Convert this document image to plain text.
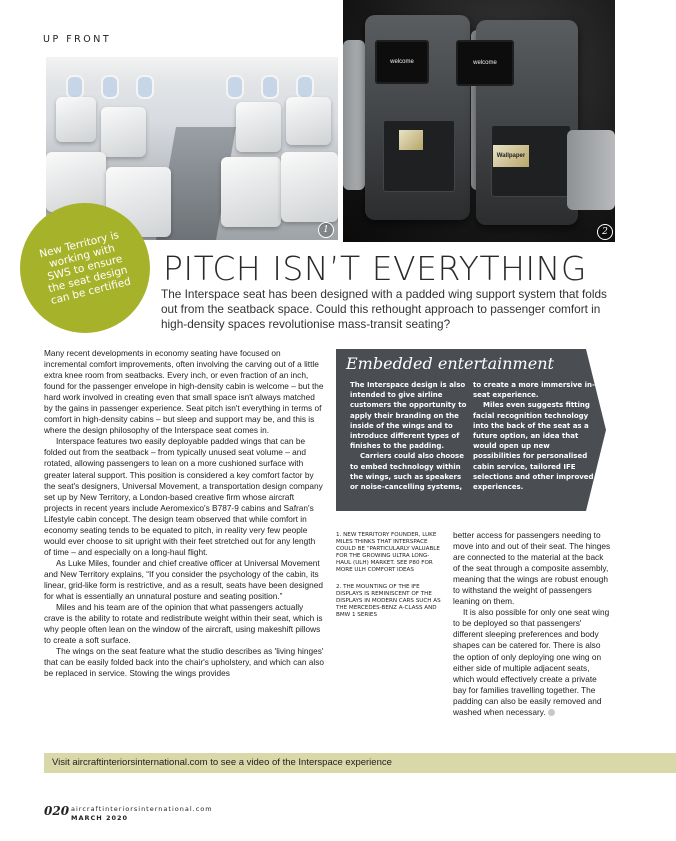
UP FRONT
1
welcome	welcome
Wallpaper
2
New Territory is working with SWS to ensure the seat design can be certified
PITCH ISN’T EVERYTHING
The Interspace seat has been designed with a padded wing support system that folds out from the seatback space. Could this rethought approach to passenger comfort in high-density spaces revolutionise mass-transit seating?

Many recent developments in economy seating have focused on incremental comfort improvements, often involving the carving out of a little extra knee room from seatbacks. Every inch, or even fraction of an inch, found for the passenger envelope in high-density cabin is welcome – but the hard work involved in creating even that small space isn't always matched by the gains in passenger experience. Seat pitch isn't everything in terms of comfort in high-density cabins – but sleep and support may be, and this is where the design philosophy of the Interspace seat comes in.

Interspace features two easily deployable padded wings that can be folded out from the seatback – from typically unused seat volume – and rotated, allowing passengers to lean on a more cushioned surface with greater lateral support. This position is considered a key comfort factor by the seat's designers, Universal Movement, a transportation design company set up by New Territory, a London-based creative firm whose aircraft projects in recent years include Aeromexico's B787-9 cabins and Safran's Lifestyle cabin concept. The design team observed that while comfort in economy seating tends to be equated to pitch, in reality very few people would ever choose to sit upright with their feet stretched out for any length of time – and especially on a long-haul flight.

As Luke Miles, founder and chief creative officer at Universal Movement and New Territory explains, “If you consider the psychology of the cabin, its linear, grid-like form is restrictive, and as a result, seats have been designed for what is essentially an unnatural posture and seating position.”

Miles and his team are of the opinion that what passengers actually crave is the ability to rotate and redistribute weight within their seat, which is why people often lean on the window of the aircraft, using makeshift pillows to create a soft surface.

The wings on the seat feature what the studio describes as 'living hinges' that can be easily folded back into the chair's upholstery, and which can also be replaced in service. Stowing the wings provides

Embedded entertainment

The Interspace design is also intended to give airline customers the opportunity to apply their branding on the inside of the wings and to introduce different types of finishes to the padding.

Carriers could also choose to embed technology within the wings, such as speakers or noise-cancelling systems,

to create a more immersive in-seat experience.

Miles even suggests fitting facial recognition technology into the back of the seat as a future option, an idea that would open up new possibilities for personalised cabin service, tailored IFE selections and other improved experiences.

1. NEW TERRITORY FOUNDER, LUKE MILES THINKS THAT INTERSPACE COULD BE “PARTICULARLY VALUABLE FOR THE GROWING ULTRA LONG-HAUL (ULH) MARKET. SEE P80 FOR MORE ULH COMFORT IDEAS

2. THE MOUNTING OF THE IFE DISPLAYS IS REMINISCENT OF THE DISPLAYS IN MODERN CARS SUCH AS THE MERCEDES-BENZ A-CLASS AND BMW 1 SERIES

better access for passengers needing to move into and out of their seat. The hinges are connected to the material at the back of the seat through a composite assembly, meaning that the wings are robust enough to withstand the weight of passengers leaning on them.

It is also possible for only one seat wing to be deployed so that passengers' different sleeping preferences and body shapes can be catered for. There is also the option of only deploying one wing on either side of multiple adjacent seats, which would effectively create a private bay for families travelling together. The padding can also be easily removed and washed when necessary.

Visit aircraftinteriorsinternational.com to see a video of the Interspace experience
020 aircraftinteriorsinternational.com
MARCH 2020
